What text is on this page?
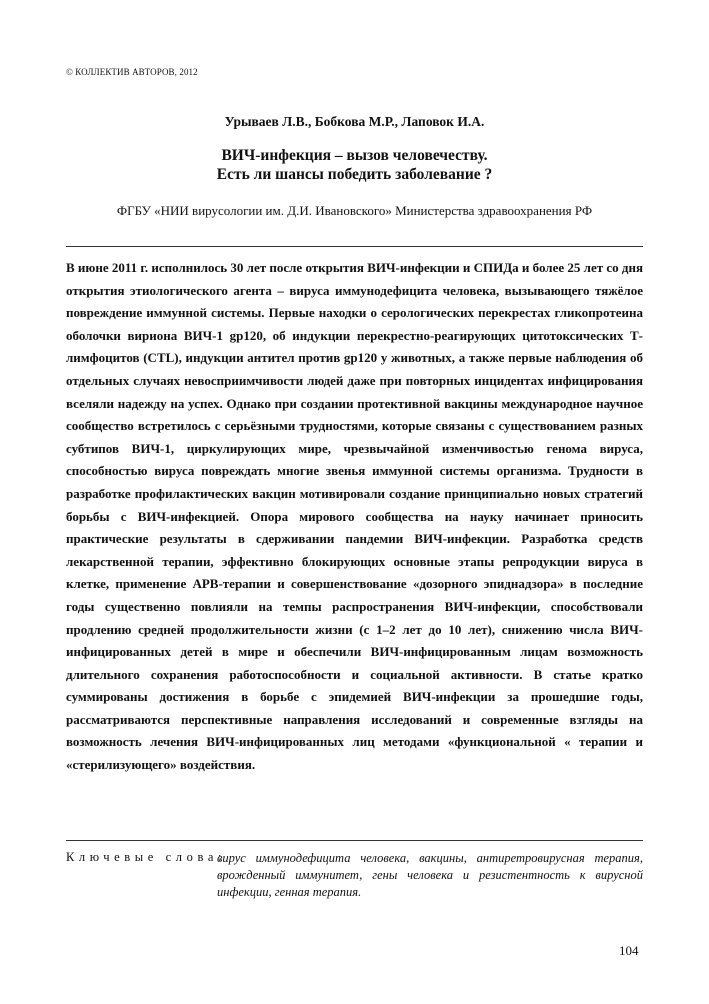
© КОЛЛЕКТИВ АВТОРОВ, 2012
Урываев Л.В., Бобкова М.Р., Лаповок И.А.
ВИЧ-инфекция – вызов человечеству.
Есть ли шансы победить заболевание ?
ФГБУ «НИИ вирусологии им. Д.И. Ивановского» Министерства здравоохранения РФ
В июне 2011 г. исполнилось 30 лет после открытия ВИЧ-инфекции и СПИДа и более 25 лет со дня открытия этиологического агента – вируса иммунодефицита человека, вызывающего тяжёлое повреждение иммунной системы. Первые находки о серологических перекрестах гликопротеина оболочки вириона ВИЧ-1 gp120, об индукции перекрестно-реагирующих цитотоксических Т-лимфоцитов (CTL), индукции антител против gp120 у животных, а также первые наблюдения об отдельных случаях невосприимчивости людей даже при повторных инцидентах инфицирования вселяли надежду на успех. Однако при создании протективной вакцины международное научное сообщество встретилось с серьёзными трудностями, которые связаны с существованием разных субтипов ВИЧ-1, циркулирующих мире, чрезвычайной изменчивостью генома вируса, способностью вируса повреждать многие звенья иммунной системы организма. Трудности в разработке профилактических вакцин мотивировали создание принципиально новых стратегий борьбы с ВИЧ-инфекцией. Опора мирового сообщества на науку начинает приносить практические результаты в сдерживании пандемии ВИЧ-инфекции. Разработка средств лекарственной терапии, эффективно блокирующих основные этапы репродукции вируса в клетке, применение АРВ-терапии и совершенствование «дозорного эпиднадзора» в последние годы существенно повлияли на темпы распространения ВИЧ-инфекции, способствовали продлению средней продолжительности жизни (с 1–2 лет до 10 лет), снижению числа ВИЧ-инфицированных детей в мире и обеспечили ВИЧ-инфицированным лицам возможность длительного сохранения работоспособности и социальной активности. В статье кратко суммированы достижения в борьбе с эпидемией ВИЧ-инфекции за прошедшие годы, рассматриваются перспективные направления исследований и современные взгляды на возможность лечения ВИЧ-инфицированных лиц методами «функциональной « терапии и «стерилизующего» воздействия.
Ключевые слова:
вирус иммунодефицита человека, вакцины, антиретровирусная терапия, врожденный иммунитет, гены человека и резистентность к вирусной инфекции, генная терапия.
104
